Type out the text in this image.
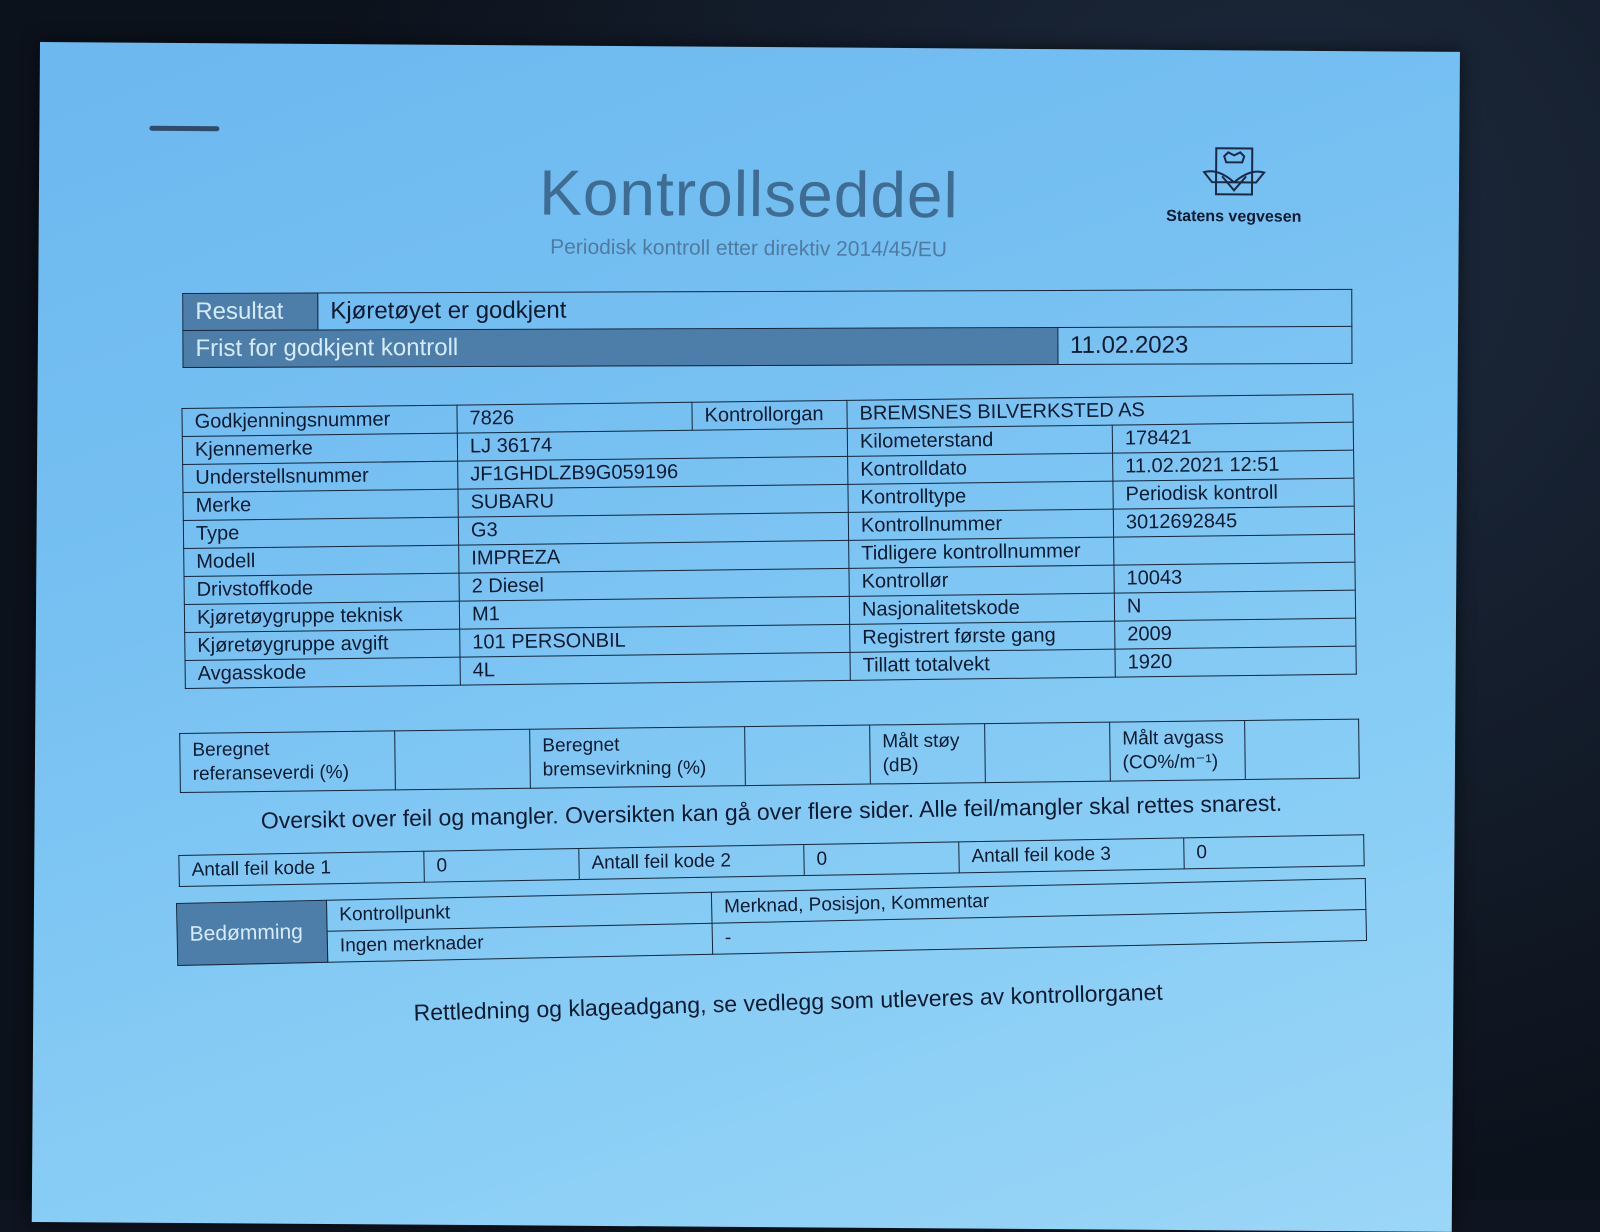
Kontrollseddel
Periodisk kontroll etter direktiv 2014/45/EU
Statens vegvesen
Resultat	Kjøretøyet er godkjent	
Frist for godkjent kontroll		11.02.2023
Godkjenningsnummer	7826	Kontrollorgan	BREMSNES BILVERKSTED AS	
Kjennemerke	LJ 36174		Kilometerstand	178421
Understellsnummer	JF1GHDLZB9G059196		Kontrolldato	11.02.2021 12:51
Merke	SUBARU		Kontrolltype	Periodisk kontroll
Type	G3		Kontrollnummer	3012692845
Modell	IMPREZA		Tidligere kontrollnummer	
Drivstoffkode	2 Diesel		Kontrollør	10043
Kjøretøygruppe teknisk	M1		Nasjonalitetskode	N
Kjøretøygruppe avgift	101 PERSONBIL		Registrert første gang	2009
Avgasskode	4L		Tillatt totalvekt	1920
Beregnet referanseverdi (%)		Beregnet bremsevirkning (%)		Målt støy (dB)		Målt avgass (CO%/m⁻¹)	
Oversikt over feil og mangler. Oversikten kan gå over flere sider. Alle feil/mangler skal rettes snarest.
Antall feil kode 1	0	Antall feil kode 2	0	Antall feil kode 3	0
Bedømming	Kontrollpunkt	Merknad, Posisjon, Kommentar
	Ingen merknader	-
Rettledning og klageadgang, se vedlegg som utleveres av kontrollorganet
